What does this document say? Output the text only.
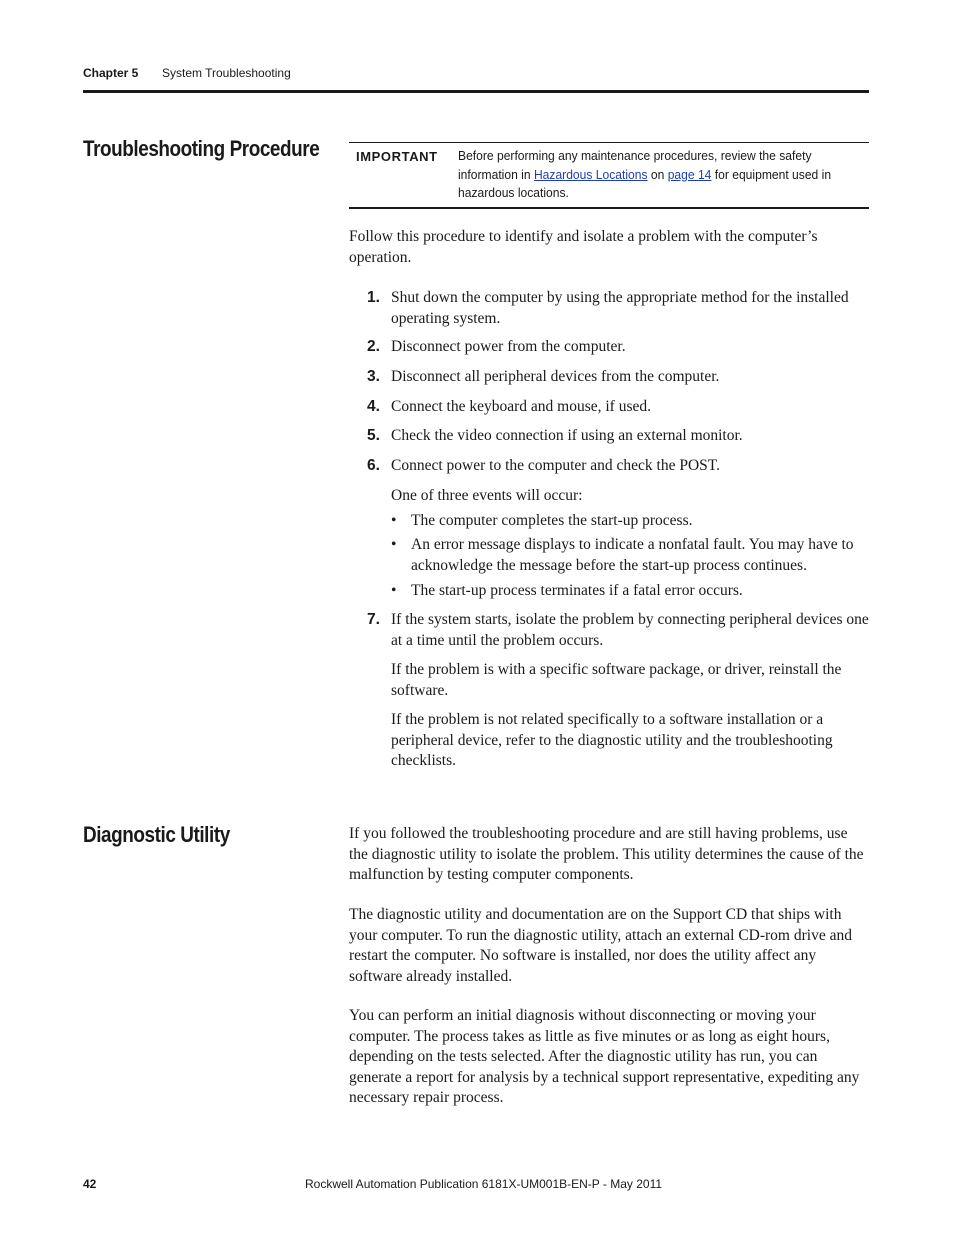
Chapter 5 System Troubleshooting
Troubleshooting Procedure	IMPORTANT Before performing any maintenance procedures, review the safety information in Hazardous Locations on page 14 for equipment used in hazardous locations.
Follow this procedure to identify and isolate a problem with the computer’s operation.
1. Shut down the computer by using the appropriate method for the installed operating system.
2. Disconnect power from the computer.
3. Disconnect all peripheral devices from the computer.
4. Connect the keyboard and mouse, if used.
5. Check the video connection if using an external monitor.
6. Connect power to the computer and check the POST.
One of three events will occur:
• The computer completes the start-up process.
• An error message displays to indicate a nonfatal fault. You may have to acknowledge the message before the start-up process continues.
• The start-up process terminates if a fatal error occurs.
7. If the system starts, isolate the problem by connecting peripheral devices one at a time until the problem occurs.
If the problem is with a specific software package, or driver, reinstall the software.
If the problem is not related specifically to a software installation or a peripheral device, refer to the diagnostic utility and the troubleshooting checklists.
Diagnostic Utility	If you followed the troubleshooting procedure and are still having problems, use the diagnostic utility to isolate the problem. This utility determines the cause of the malfunction by testing computer components.
The diagnostic utility and documentation are on the Support CD that ships with your computer. To run the diagnostic utility, attach an external CD-rom drive and restart the computer. No software is installed, nor does the utility affect any software already installed.
You can perform an initial diagnosis without disconnecting or moving your computer. The process takes as little as five minutes or as long as eight hours, depending on the tests selected. After the diagnostic utility has run, you can generate a report for analysis by a technical support representative, expediting any necessary repair process.
42	Rockwell Automation Publication 6181X-UM001B-EN-P - May 2011
